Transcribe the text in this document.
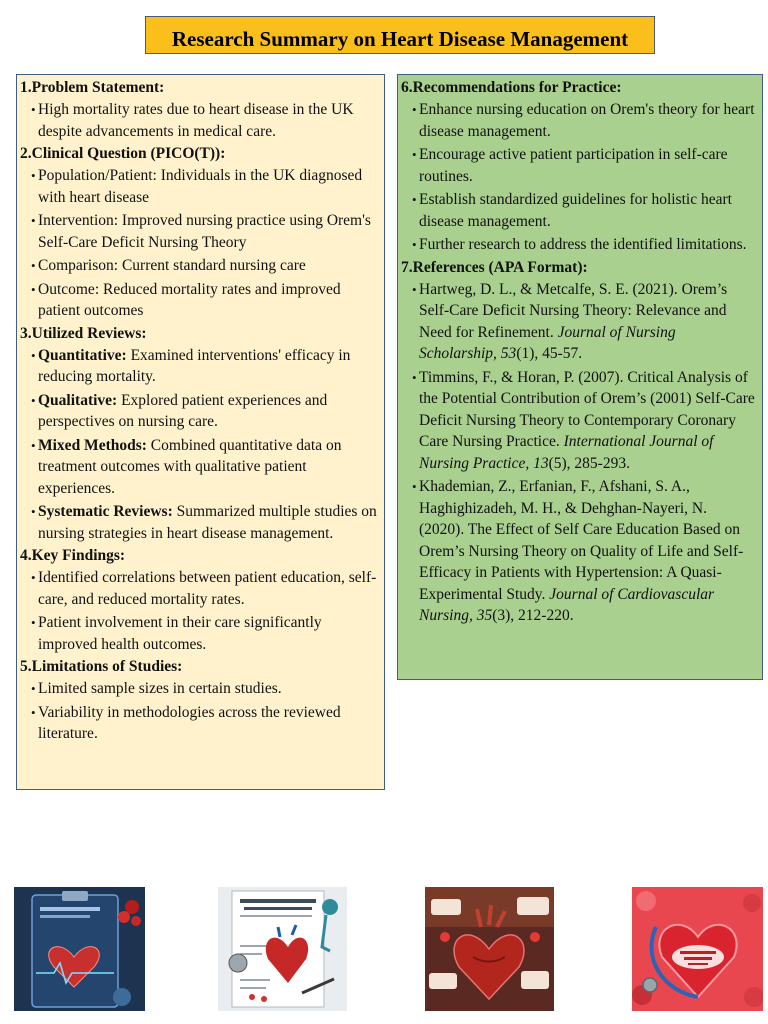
Research Summary on Heart Disease Management
1.Problem Statement:
• High mortality rates due to heart disease in the UK despite advancements in medical care.
2.Clinical Question (PICO(T)):
• Population/Patient: Individuals in the UK diagnosed with heart disease
• Intervention: Improved nursing practice using Orem's Self-Care Deficit Nursing Theory
• Comparison: Current standard nursing care
• Outcome: Reduced mortality rates and improved patient outcomes
3.Utilized Reviews:
• Quantitative: Examined interventions' efficacy in reducing mortality.
• Qualitative: Explored patient experiences and perspectives on nursing care.
• Mixed Methods: Combined quantitative data on treatment outcomes with qualitative patient experiences.
• Systematic Reviews: Summarized multiple studies on nursing strategies in heart disease management.
4.Key Findings:
• Identified correlations between patient education, self-care, and reduced mortality rates.
• Patient involvement in their care significantly improved health outcomes.
5.Limitations of Studies:
• Limited sample sizes in certain studies.
• Variability in methodologies across the reviewed literature.
6.Recommendations for Practice:
• Enhance nursing education on Orem's theory for heart disease management.
• Encourage active patient participation in self-care routines.
• Establish standardized guidelines for holistic heart disease management.
• Further research to address the identified limitations.
7.References (APA Format):
• Hartweg, D. L., & Metcalfe, S. E. (2021). Orem’s Self-Care Deficit Nursing Theory: Relevance and Need for Refinement. Journal of Nursing Scholarship, 53(1), 45-57.
• Timmins, F., & Horan, P. (2007). Critical Analysis of the Potential Contribution of Orem’s (2001) Self-Care Deficit Nursing Theory to Contemporary Coronary Care Nursing Practice. International Journal of Nursing Practice, 13(5), 285-293.
• Khademian, Z., Erfanian, F., Afshani, S. A., Haghighizadeh, M. H., & Dehghan-Nayeri, N. (2020). The Effect of Self Care Education Based on Orem’s Nursing Theory on Quality of Life and Self-Efficacy in Patients with Hypertension: A Quasi-Experimental Study. Journal of Cardiovascular Nursing, 35(3), 212-220.
